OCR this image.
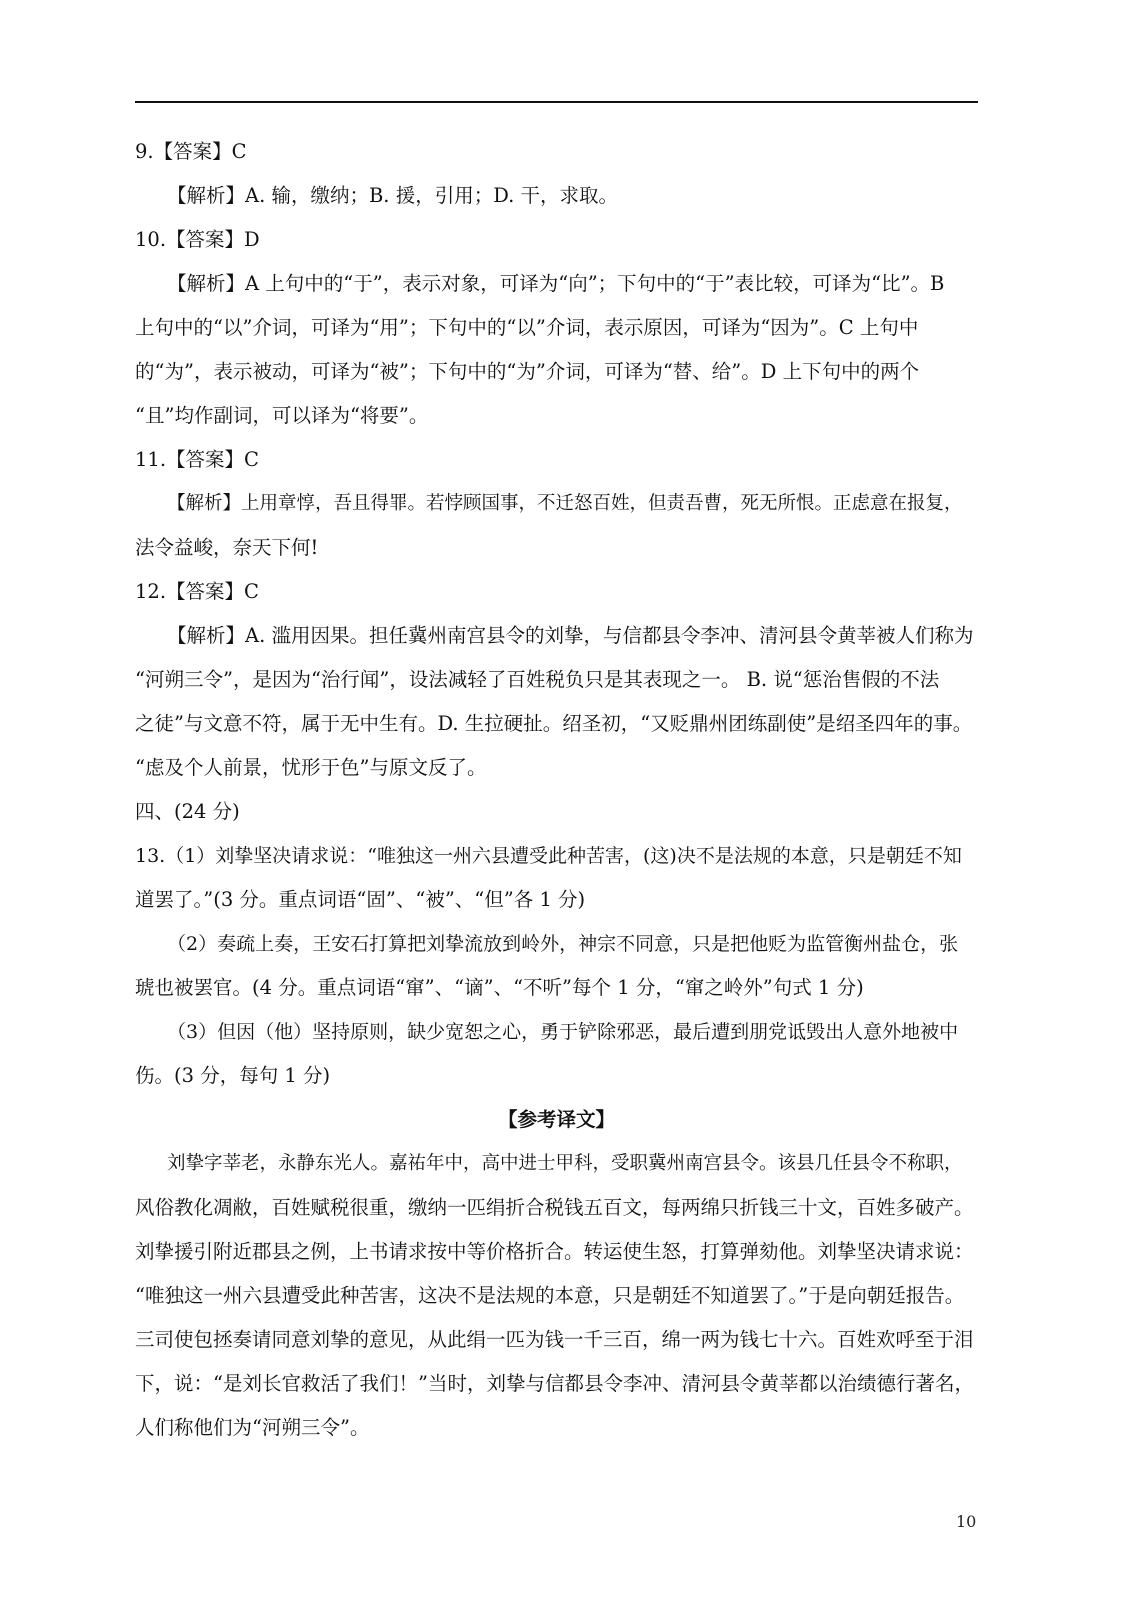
9.【答案】C
【解析】A. 输，缴纳；B. 援，引用；D. 干，求取。
10.【答案】D
【解析】A 上句中的“于”，表示对象，可译为“向”；下句中的“于”表比较，可译为“比”。B
上句中的“以”介词，可译为“用”；下句中的“以”介词，表示原因，可译为“因为”。C 上句中
的“为”，表示被动，可译为“被”；下句中的“为”介词，可译为“替、给”。D 上下句中的两个
“且”均作副词，可以译为“将要”。
11.【答案】C
【解析】上用章惇，吾且得罪。若悖顾国事，不迁怒百姓，但责吾曹，死无所恨。正虑意在报复，
法令益峻，奈天下何!
12.【答案】C
【解析】A. 滥用因果。担任冀州南宫县令的刘挚，与信都县令李冲、清河县令黄莘被人们称为
“河朔三令”，是因为“治行闻”，设法减轻了百姓税负只是其表现之一。 B. 说“惩治售假的不法
之徒”与文意不符，属于无中生有。D. 生拉硬扯。绍圣初，“又贬鼎州团练副使”是绍圣四年的事。
“虑及个人前景，忧形于色”与原文反了。
四、(24 分)
13.（1）刘挚坚决请求说：“唯独这一州六县遭受此种苦害，(这)决不是法规的本意，只是朝廷不知
道罢了。”(3 分。重点词语“固”、“被”、“但”各 1 分)
（2）奏疏上奏，王安石打算把刘挚流放到岭外，神宗不同意，只是把他贬为监管衡州盐仓，张
琥也被罢官。(4 分。重点词语“窜”、“谪”、“不听”每个 1 分，“窜之岭外”句式 1 分)
（3）但因（他）坚持原则，缺少宽恕之心，勇于铲除邪恶，最后遭到朋党诋毁出人意外地被中
伤。(3 分，每句 1 分)
【参考译文】
刘挚字莘老，永静东光人。嘉祐年中，高中进士甲科，受职冀州南宫县令。该县几任县令不称职，
风俗教化凋敝，百姓赋税很重，缴纳一匹绢折合税钱五百文，每两绵只折钱三十文，百姓多破产。
刘挚援引附近郡县之例，上书请求按中等价格折合。转运使生怒，打算弹劾他。刘挚坚决请求说：
“唯独这一州六县遭受此种苦害，这决不是法规的本意，只是朝廷不知道罢了。”于是向朝廷报告。
三司使包拯奏请同意刘挚的意见，从此绢一匹为钱一千三百，绵一两为钱七十六。百姓欢呼至于泪
下，说：“是刘长官救活了我们！”当时，刘挚与信都县令李冲、清河县令黄莘都以治绩德行著名，
人们称他们为“河朔三令”。
10
